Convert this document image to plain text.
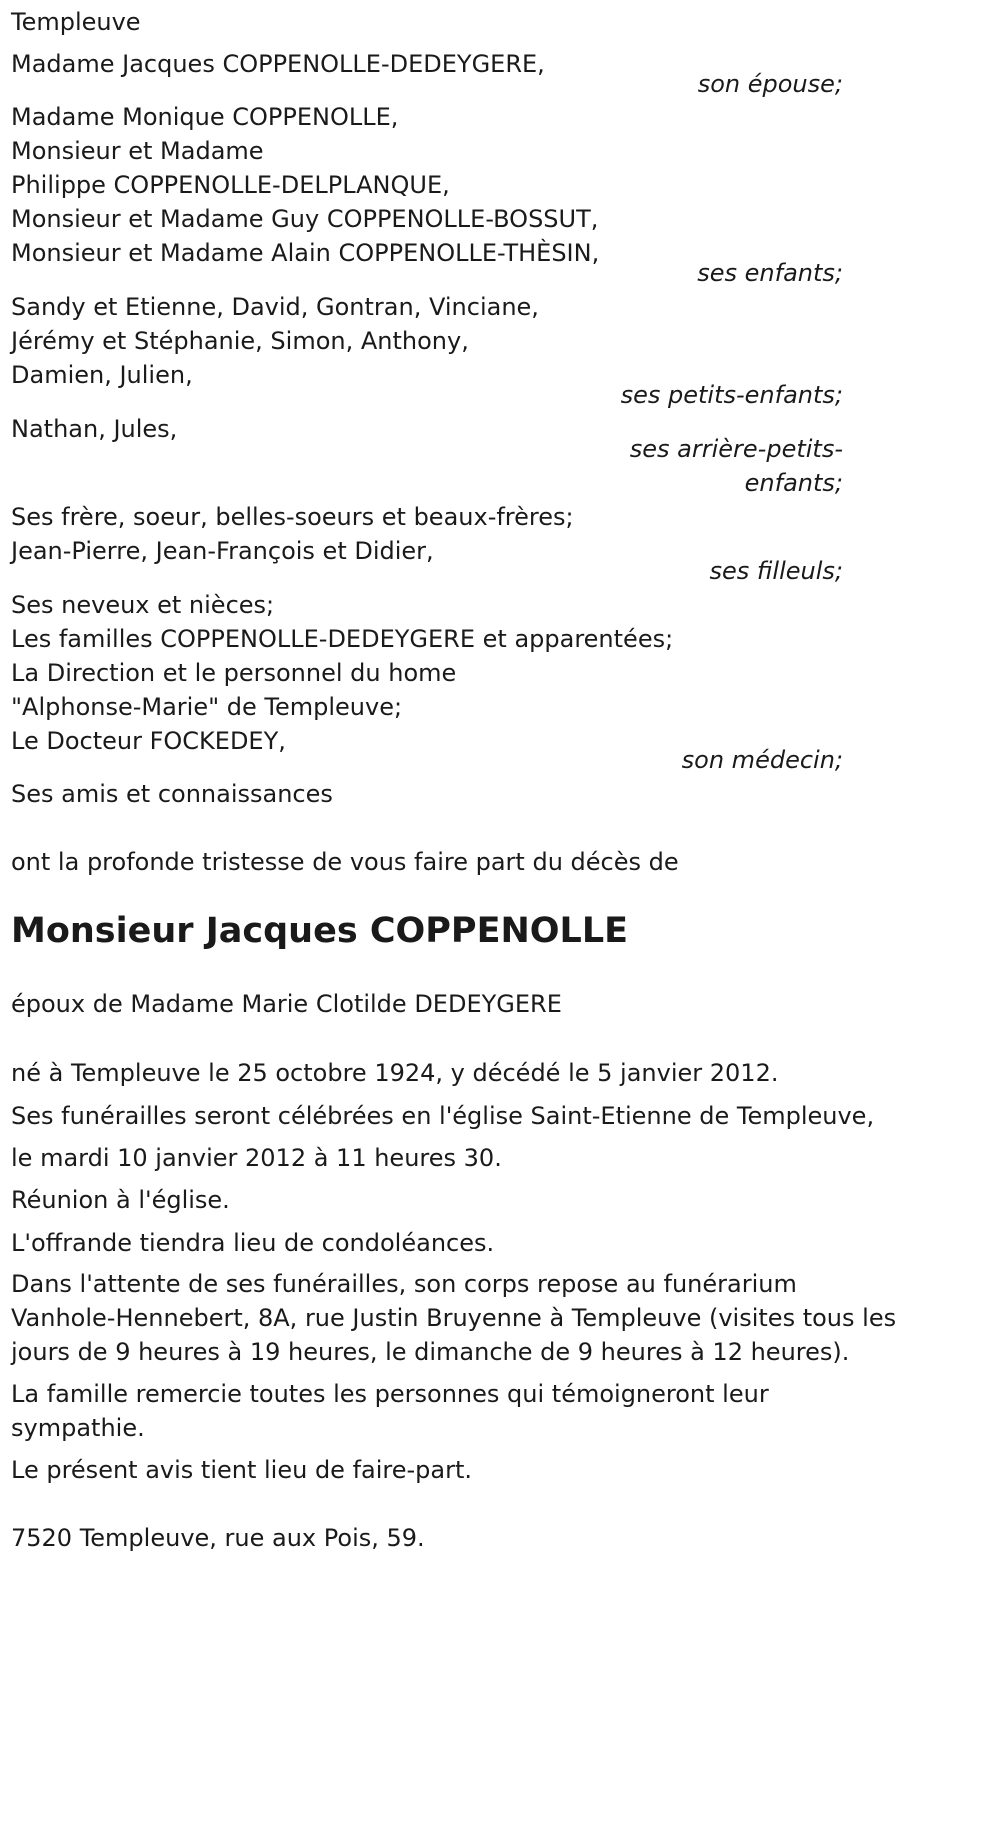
Templeuve
Madame Jacques COPPENOLLE-DEDEYGERE,
son épouse;
Madame Monique COPPENOLLE,
Monsieur et Madame
Philippe COPPENOLLE-DELPLANQUE,
Monsieur et Madame Guy COPPENOLLE-BOSSUT,
Monsieur et Madame Alain COPPENOLLE-THÈSIN,
ses enfants;
Sandy et Etienne, David, Gontran, Vinciane,
Jérémy et Stéphanie, Simon, Anthony,
Damien, Julien,
ses petits-enfants;
Nathan, Jules,
ses arrière-petits-
enfants;
Ses frère, soeur, belles-soeurs et beaux-frères;
Jean-Pierre, Jean-François et Didier,
ses filleuls;
Ses neveux et nièces;
Les familles COPPENOLLE-DEDEYGERE et apparentées;
La Direction et le personnel du home
"Alphonse-Marie" de Templeuve;
Le Docteur FOCKEDEY,
son médecin;
Ses amis et connaissances
ont la profonde tristesse de vous faire part du décès de
Monsieur Jacques COPPENOLLE
époux de Madame Marie Clotilde DEDEYGERE
né à Templeuve le 25 octobre 1924, y décédé le 5 janvier 2012.
Ses funérailles seront célébrées en l'église Saint-Etienne de Templeuve,
le mardi 10 janvier 2012 à 11 heures 30.
Réunion à l'église.
L'offrande tiendra lieu de condoléances.
Dans l'attente de ses funérailles, son corps repose au funérarium
Vanhole-Hennebert, 8A, rue Justin Bruyenne à Templeuve (visites tous les
jours de 9 heures à 19 heures, le dimanche de 9 heures à 12 heures).
La famille remercie toutes les personnes qui témoigneront leur
sympathie.
Le présent avis tient lieu de faire-part.
7520 Templeuve, rue aux Pois, 59.
